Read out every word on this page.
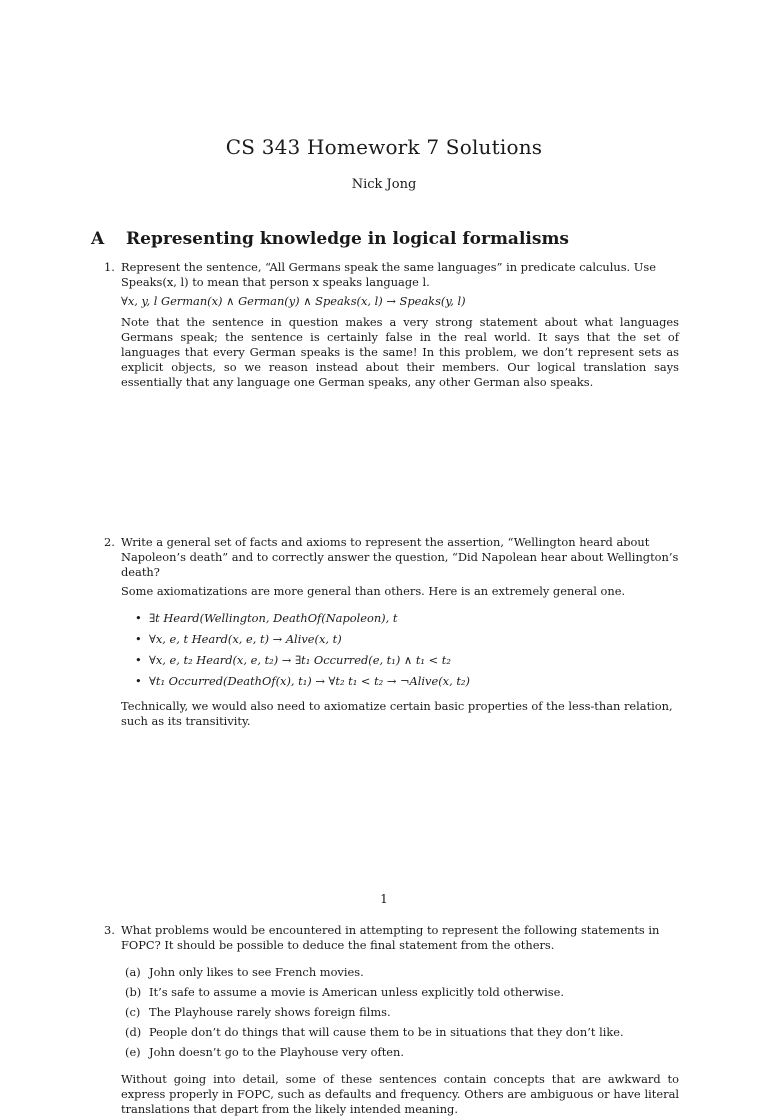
CS 343 Homework 7 Solutions
Nick Jong
A Representing knowledge in logical formalisms
1. Represent the sentence, “All Germans speak the same languages” in predicate calculus. Use Speaks(x, l) to mean that person x speaks language l.

∀x, y, l German(x) ∧ German(y) ∧ Speaks(x, l) → Speaks(y, l)

Note that the sentence in question makes a very strong statement about what languages Germans speak; the sentence is certainly false in the real world. It says that the set of languages that every German speaks is the same! In this problem, we don’t represent sets as explicit objects, so we reason instead about their members. Our logical translation says essentially that any language one German speaks, any other German also speaks.

2. Write a general set of facts and axioms to represent the assertion, “Wellington heard about Napoleon’s death” and to correctly answer the question, “Did Napolean hear about Wellington’s death?

Some axiomatizations are more general than others. Here is an extremely general one.

• ∃t Heard(Wellington, DeathOf(Napoleon), t
• ∀x, e, t Heard(x, e, t) → Alive(x, t)
• ∀x, e, t₂ Heard(x, e, t₂) → ∃t₁ Occurred(e, t₁) ∧ t₁ < t₂
• ∀t₁ Occurred(DeathOf(x), t₁) → ∀t₂ t₁ < t₂ → ¬Alive(x, t₂)

Technically, we would also need to axiomatize certain basic properties of the less-than relation, such as its transitivity.

3. What problems would be encountered in attempting to represent the following statements in FOPC? It should be possible to deduce the final statement from the others.

(a) John only likes to see French movies.
(b) It’s safe to assume a movie is American unless explicitly told otherwise.
(c) The Playhouse rarely shows foreign films.
(d) People don’t do things that will cause them to be in situations that they don’t like.
(e) John doesn’t go to the Playhouse very often.

Without going into detail, some of these sentences contain concepts that are awkward to express properly in FOPC, such as defaults and frequency. Others are ambiguous or have literal translations that depart from the likely intended meaning.

1
